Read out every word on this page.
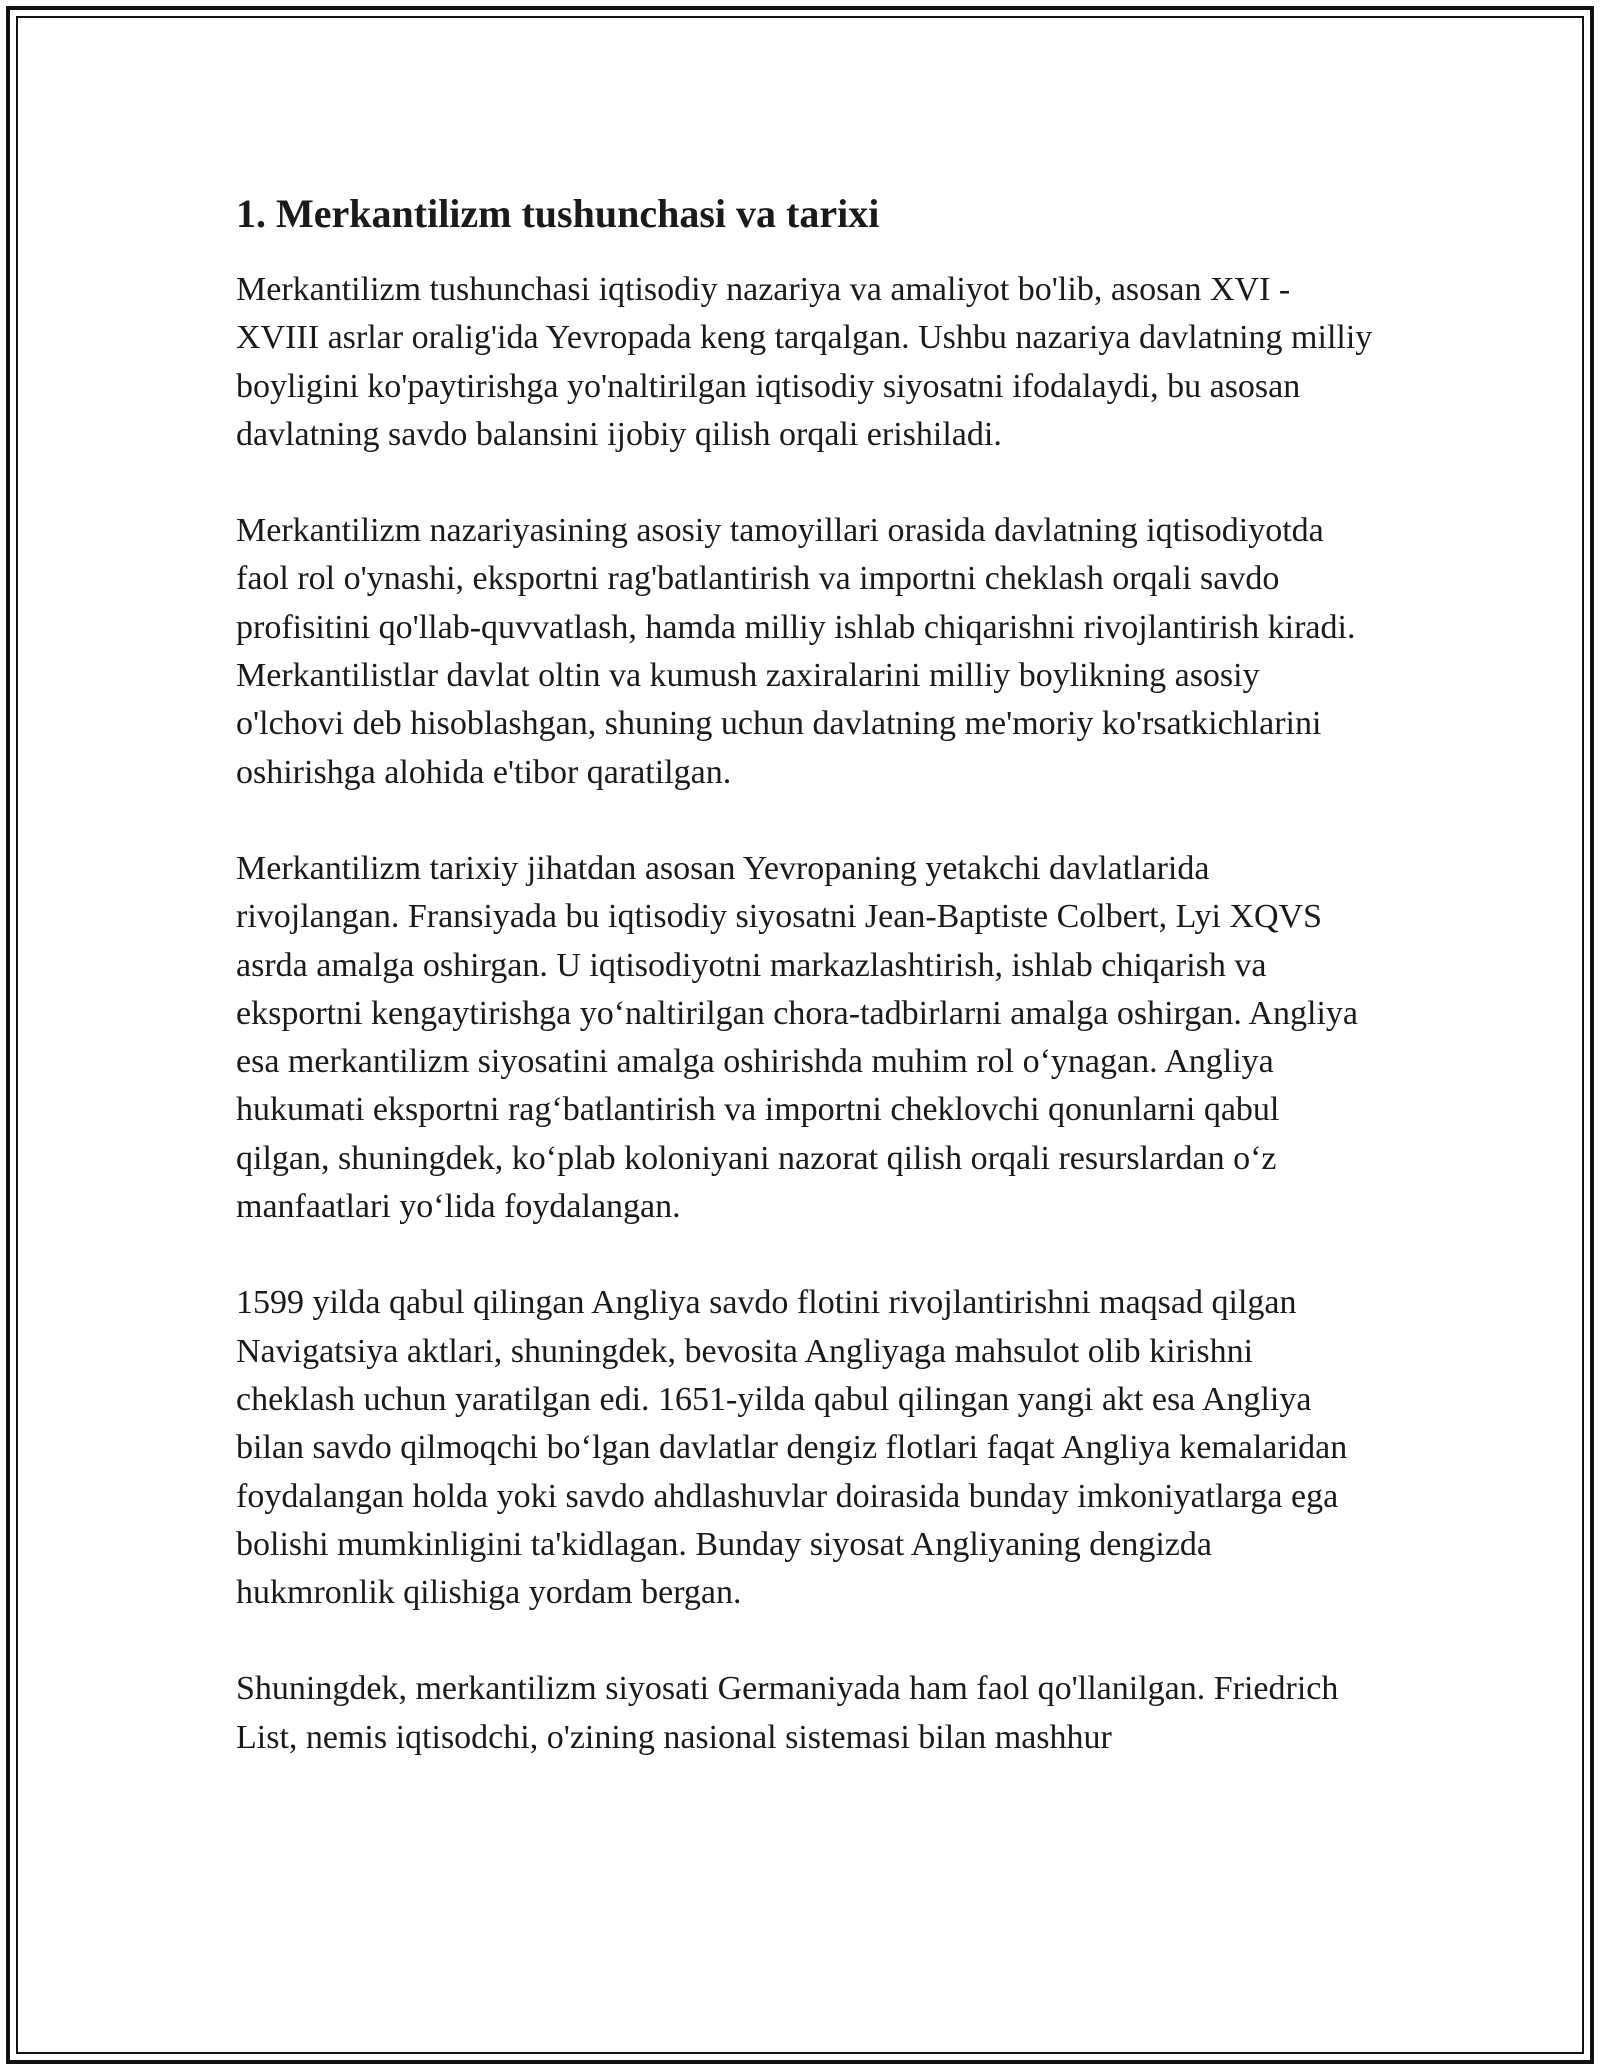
1. Merkantilizm tushunchasi va tarixi

Merkantilizm tushunchasi iqtisodiy nazariya va amaliyot bo'lib, asosan XVI - XVIII asrlar oralig'ida Yevropada keng tarqalgan. Ushbu nazariya davlatning milliy boyligini ko'paytirishga yo'naltirilgan iqtisodiy siyosatni ifodalaydi, bu asosan davlatning savdo balansini ijobiy qilish orqali erishiladi.

Merkantilizm nazariyasining asosiy tamoyillari orasida davlatning iqtisodiyotda faol rol o'ynashi, eksportni rag'batlantirish va importni cheklash orqali savdo profisitini qo'llab-quvvatlash, hamda milliy ishlab chiqarishni rivojlantirish kiradi. Merkantilistlar davlat oltin va kumush zaxiralarini milliy boylikning asosiy o'lchovi deb hisoblashgan, shuning uchun davlatning me'moriy ko'rsatkichlarini oshirishga alohida e'tibor qaratilgan.

Merkantilizm tarixiy jihatdan asosan Yevropaning yetakchi davlatlarida rivojlangan. Fransiyada bu iqtisodiy siyosatni Jean-Baptiste Colbert, Lyi XQVS asrda amalga oshirgan. U iqtisodiyotni markazlashtirish, ishlab chiqarish va eksportni kengaytirishga yo‘naltirilgan chora-tadbirlarni amalga oshirgan. Angliya esa merkantilizm siyosatini amalga oshirishda muhim rol o‘ynagan. Angliya hukumati eksportni rag‘batlantirish va importni cheklovchi qonunlarni qabul qilgan, shuningdek, ko‘plab koloniyani nazorat qilish orqali resurslardan o‘z manfaatlari yo‘lida foydalangan.

1599 yilda qabul qilingan Angliya savdo flotini rivojlantirishni maqsad qilgan Navigatsiya aktlari, shuningdek, bevosita Angliyaga mahsulot olib kirishni cheklash uchun yaratilgan edi. 1651-yilda qabul qilingan yangi akt esa Angliya bilan savdo qilmoqchi bo‘lgan davlatlar dengiz flotlari faqat Angliya kemalaridan foydalangan holda yoki savdo ahdlashuvlar doirasida bunday imkoniyatlarga ega bolishi mumkinligini ta'kidlagan. Bunday siyosat Angliyaning dengizda hukmronlik qilishiga yordam bergan.

Shuningdek, merkantilizm siyosati Germaniyada ham faol qo'llanilgan. Friedrich List, nemis iqtisodchi, o'zining nasional sistemasi bilan mashhur
